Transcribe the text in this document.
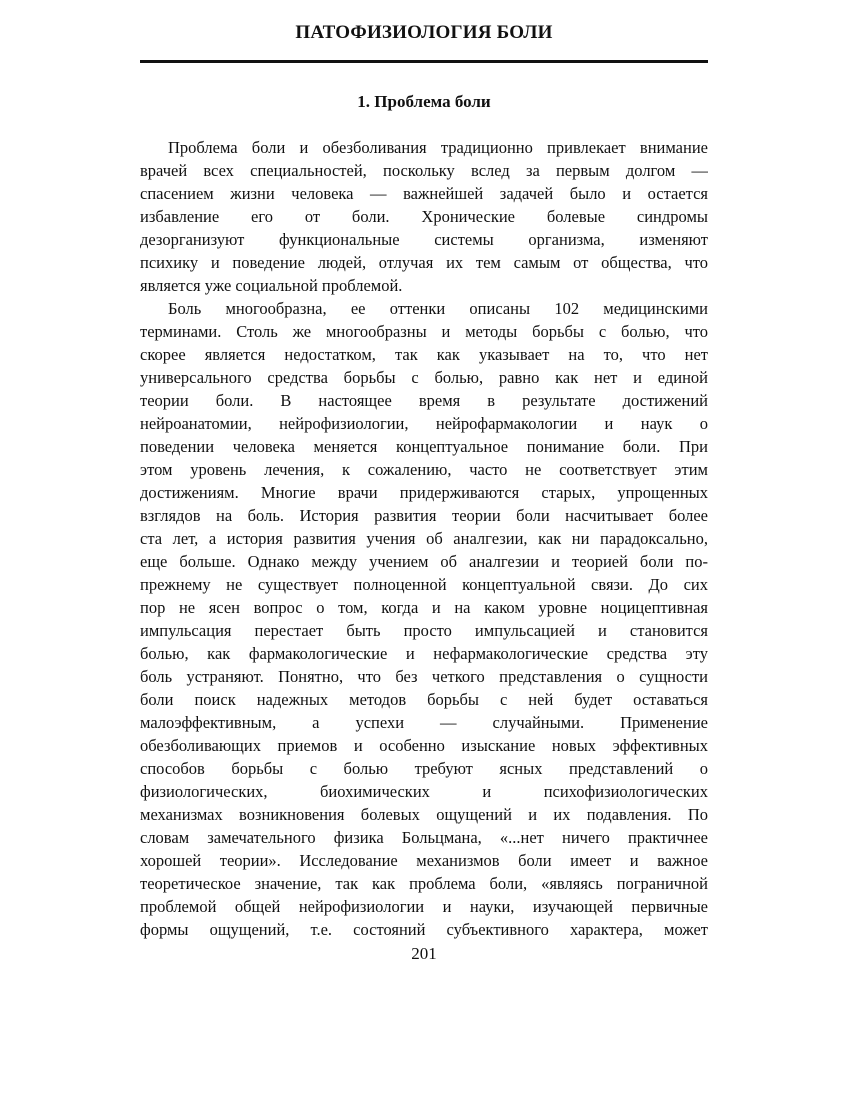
ПАТОФИЗИОЛОГИЯ БОЛИ
1. Проблема боли
Проблема боли и обезболивания традиционно привлекает внимание
врачей всех специальностей, поскольку вслед за первым долгом —
спасением жизни человека — важнейшей задачей было и остается
избавление его от боли. Хронические болевые синдромы
дезорганизуют функциональные системы организма, изменяют
психику и поведение людей, отлучая их тем самым от общества, что
является уже социальной проблемой.
Боль многообразна, ее оттенки описаны 102 медицинскими
терминами. Столь же многообразны и методы борьбы с болью, что
скорее является недостатком, так как указывает на то, что нет
универсального средства борьбы с болью, равно как нет и единой
теории боли. В настоящее время в результате достижений
нейроанатомии, нейрофизиологии, нейрофармакологии и наук о
поведении человека меняется концептуальное понимание боли. При
этом уровень лечения, к сожалению, часто не соответствует этим
достижениям. Многие врачи придерживаются старых, упрощенных
взглядов на боль. История развития теории боли насчитывает более
ста лет, а история развития учения об аналгезии, как ни парадоксально,
еще больше. Однако между учением об аналгезии и теорией боли по-
прежнему не существует полноценной концептуальной связи. До сих
пор не ясен вопрос о том, когда и на каком уровне ноцицептивная
импульсация перестает быть просто импульсацией и становится
болью, как фармакологические и нефармакологические средства эту
боль устраняют. Понятно, что без четкого представления о сущности
боли поиск надежных методов борьбы с ней будет оставаться
малоэффективным, а успехи — случайными. Применение
обезболивающих приемов и особенно изыскание новых эффективных
способов борьбы с болью требуют ясных представлений о
физиологических, биохимических и психофизиологических
механизмах возникновения болевых ощущений и их подавления. По
словам замечательного физика Больцмана, «...нет ничего практичнее
хорошей теории». Исследование механизмов боли имеет и важное
теоретическое значение, так как проблема боли, «являясь пограничной
проблемой общей нейрофизиологии и науки, изучающей первичные
формы ощущений, т.е. состояний субъективного характера, может
201
